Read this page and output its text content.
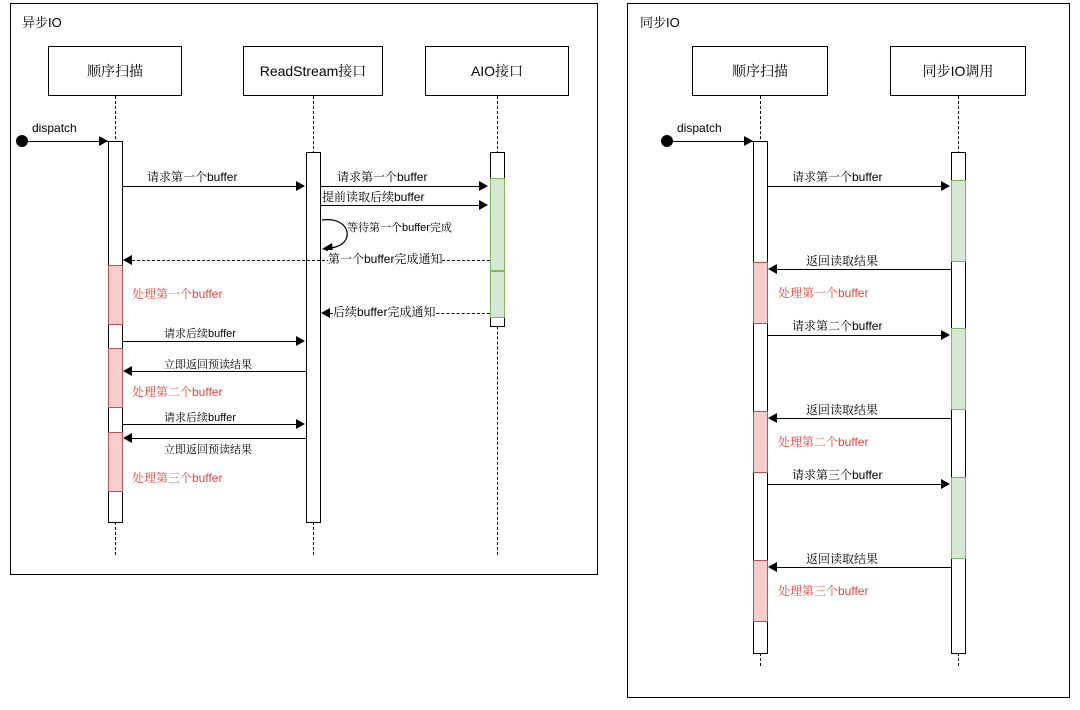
异步IO
顺序扫描	ReadStream接口	AIO接口
dispatch
请求第一个buffer	请求第一个buffer
提前读取后续buffer
等待第一个buffer完成
第一个buffer完成通知
后续buffer完成通知
处理第一个buffer
请求后续buffer
立即返回预读结果
处理第二个buffer
请求后续buffer
立即返回预读结果
处理第三个buffer
同步IO
顺序扫描	同步IO调用
dispatch
请求第一个buffer
返回读取结果
处理第一个buffer
请求第二个buffer
返回读取结果
处理第二个buffer
请求第三个buffer
返回读取结果
处理第三个buffer
